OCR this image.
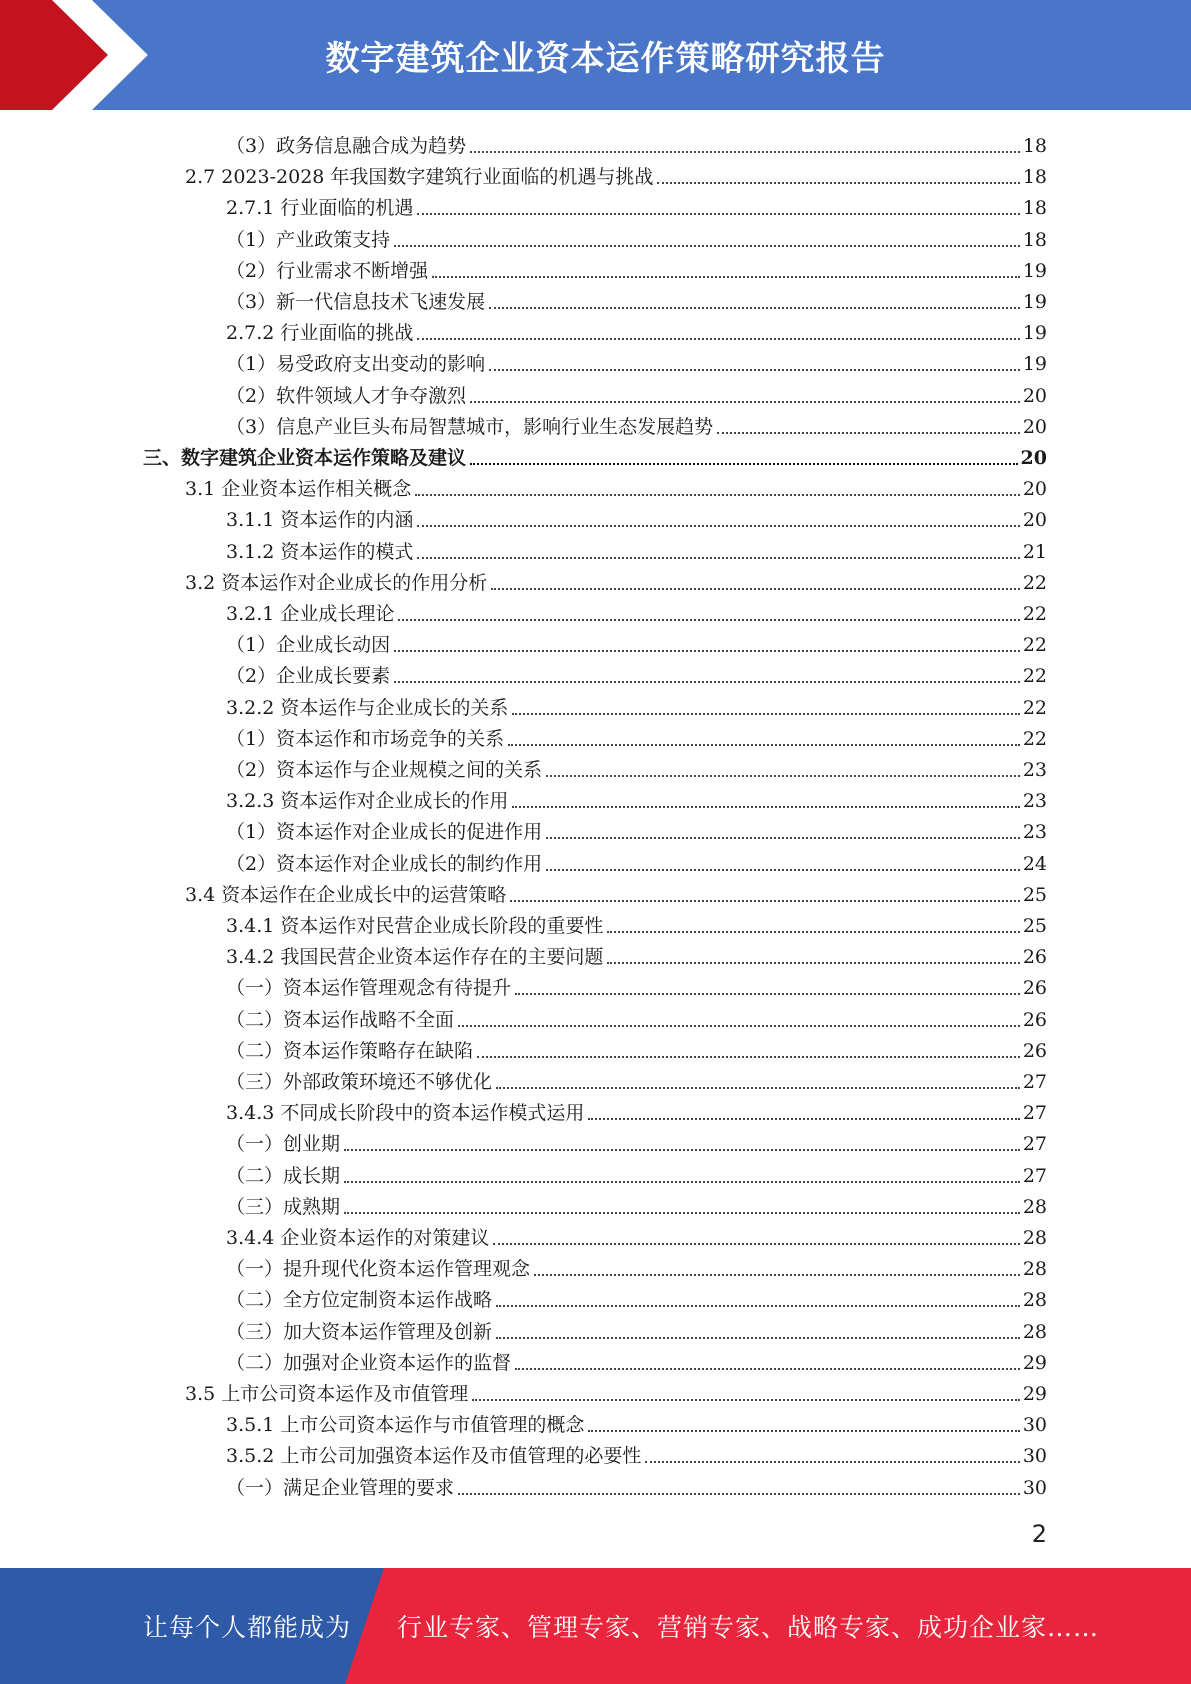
数字建筑企业资本运作策略研究报告
（3）政务信息融合成为趋势	18
2.7 2023-2028 年我国数字建筑行业面临的机遇与挑战	18
2.7.1 行业面临的机遇	18
（1）产业政策支持	18
（2）行业需求不断增强	19
（3）新一代信息技术飞速发展	19
2.7.2 行业面临的挑战	19
（1）易受政府支出变动的影响	19
（2）软件领域人才争夺激烈	20
（3）信息产业巨头布局智慧城市，影响行业生态发展趋势	20
三、数字建筑企业资本运作策略及建议	20
3.1 企业资本运作相关概念	20
3.1.1 资本运作的内涵	20
3.1.2 资本运作的模式	21
3.2 资本运作对企业成长的作用分析	22
3.2.1 企业成长理论	22
（1）企业成长动因	22
（2）企业成长要素	22
3.2.2 资本运作与企业成长的关系	22
（1）资本运作和市场竞争的关系	22
（2）资本运作与企业规模之间的关系	23
3.2.3 资本运作对企业成长的作用	23
（1）资本运作对企业成长的促进作用	23
（2）资本运作对企业成长的制约作用	24
3.4 资本运作在企业成长中的运营策略	25
3.4.1 资本运作对民营企业成长阶段的重要性	25
3.4.2 我国民营企业资本运作存在的主要问题	26
（一）资本运作管理观念有待提升	26
（二）资本运作战略不全面	26
（二）资本运作策略存在缺陷	26
（三）外部政策环境还不够优化	27
3.4.3 不同成长阶段中的资本运作模式运用	27
（一）创业期	27
（二）成长期	27
（三）成熟期	28
3.4.4 企业资本运作的对策建议	28
（一）提升现代化资本运作管理观念	28
（二）全方位定制资本运作战略	28
（三）加大资本运作管理及创新	28
（二）加强对企业资本运作的监督	29
3.5 上市公司资本运作及市值管理	29
3.5.1 上市公司资本运作与市值管理的概念	30
3.5.2 上市公司加强资本运作及市值管理的必要性	30
（一）满足企业管理的要求	30
2
让每个人都能成为 行业专家、管理专家、营销专家、战略专家、成功企业家……
